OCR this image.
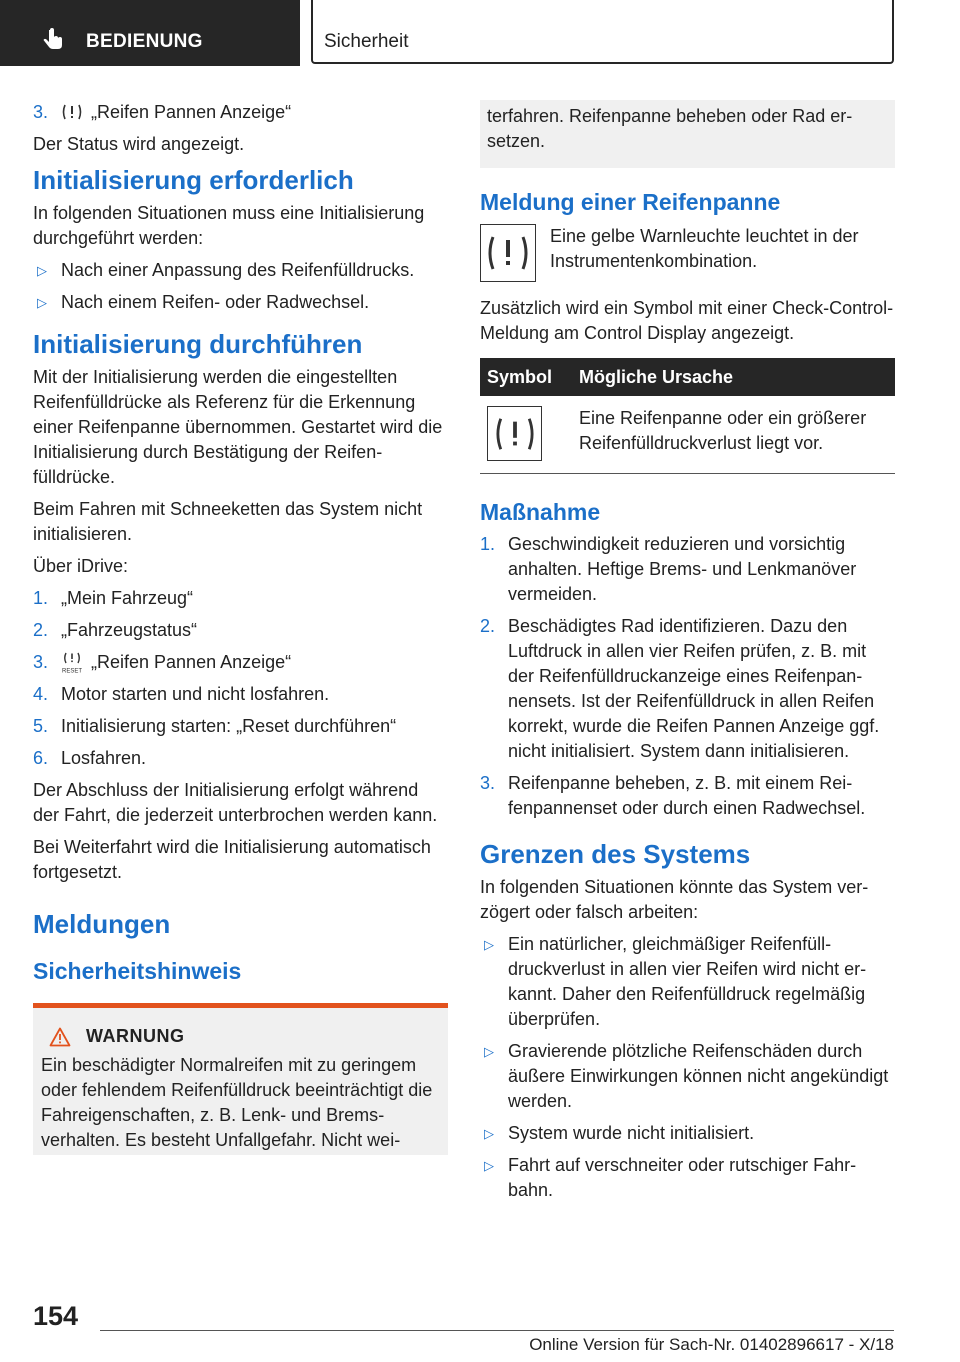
BEDIENUNG	Sicherheit
3. „Reifen Pannen Anzeige“

Der Status wird angezeigt.

Initialisierung erforderlich

In folgenden Situationen muss eine Initialisierung durchgeführt werden:

▷ Nach einer Anpassung des Reifenfülldrucks.
▷ Nach einem Reifen- oder Radwechsel.
Initialisierung durchführen

Mit der Initialisierung werden die eingestellten Reifenfülldrücke als Referenz für die Erkennung einer Reifenpanne übernommen. Gestartet wird die Initialisierung durch Bestätigung der Reifenfülldrücke.

Beim Fahren mit Schneeketten das System nicht initialisieren.

Über iDrive:

1. „Mein Fahrzeug“
2. „Fahrzeugstatus“
3. RESET „Reifen Pannen Anzeige“
4. Motor starten und nicht losfahren.
5. Initialisierung starten: „Reset durchführen“
6. Losfahren.

Der Abschluss der Initialisierung erfolgt während der Fahrt, die jederzeit unterbrochen werden kann.

Bei Weiterfahrt wird die Initialisierung automatisch fortgesetzt.

Meldungen
Sicherheitshinweis
WARNUNG

Ein beschädigter Normalreifen mit zu geringem oder fehlendem Reifenfülldruck beeinträchtigt die Fahreigenschaften, z. B. Lenk- und Bremsverhalten. Es besteht Unfallgefahr. Nicht wei-

terfahren. Reifenpanne beheben oder Rad ersetzen.

Meldung einer Reifenpanne

Eine gelbe Warnleuchte leuchtet in der Instrumentenkombination.

Zusätzlich wird ein Symbol mit einer Check-Control-Meldung am Control Display angezeigt.

Symbol	Mögliche Ursache

	Eine Reifenpanne oder ein größerer Reifenfülldruckverlust liegt vor.
Maßnahme
1. Geschwindigkeit reduzieren und vorsichtig anhalten. Heftige Brems- und Lenkmanöver vermeiden.
2. Beschädigtes Rad identifizieren. Dazu den Luftdruck in allen vier Reifen prüfen, z. B. mit der Reifenfülldruckanzeige eines Reifenpannensets. Ist der Reifenfülldruck in allen Reifen korrekt, wurde die Reifen Pannen Anzeige ggf. nicht initialisiert. System dann initialisieren.
3. Reifenpanne beheben, z. B. mit einem Reifenpannenset oder durch einen Radwechsel.
Grenzen des Systems

In folgenden Situationen könnte das System verzögert oder falsch arbeiten:

▷ Ein natürlicher, gleichmäßiger Reifenfülldruckverlust in allen vier Reifen wird nicht erkannt. Daher den Reifenfülldruck regelmäßig überprüfen.
▷ Gravierende plötzliche Reifenschäden durch äußere Einwirkungen können nicht angekündigt werden.
▷ System wurde nicht initialisiert.
▷ Fahrt auf verschneiter oder rutschiger Fahrbahn.
154
Online Version für Sach-Nr. 01402896617 - X/18
